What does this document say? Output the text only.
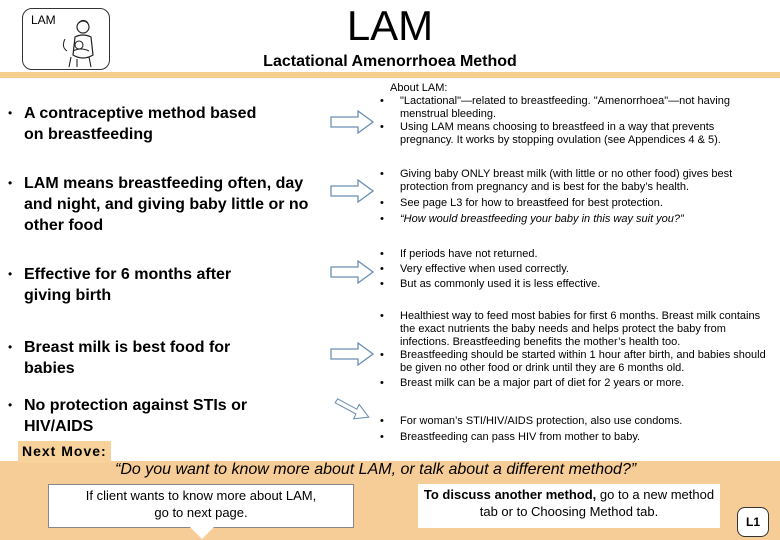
LAM	LAM
Lactational Amenorrhoea Method
• A contraceptive method based on breastfeeding
• LAM means breastfeeding often, day and night, and giving baby little or no other food
• Effective for 6 months after giving birth
• Breast milk is best food for babies
• No protection against STIs or HIV/AIDS
About LAM:
• "Lactational"—related to breastfeeding. "Amenorrhoea"—not having menstrual bleeding.
• Using LAM means choosing to breastfeed in a way that prevents pregnancy. It works by stopping ovulation (see Appendices 4 & 5).
• Giving baby ONLY breast milk (with little or no other food) gives best protection from pregnancy and is best for the baby’s health.
• See page L3 for how to breastfeed for best protection.
• “How would breastfeeding your baby in this way suit you?”
• If periods have not returned.
• Very effective when used correctly.
• But as commonly used it is less effective.
• Healthiest way to feed most babies for first 6 months. Breast milk contains the exact nutrients the baby needs and helps protect the baby from infections. Breastfeeding benefits the mother’s health too.
• Breastfeeding should be started within 1 hour after birth, and babies should be given no other food or drink until they are 6 months old.
• Breast milk can be a major part of diet for 2 years or more.
• For woman’s STI/HIV/AIDS protection, also use condoms.
• Breastfeeding can pass HIV from mother to baby.
Next Move:
“Do you want to know more about LAM, or talk about a different method?”
If client wants to know more about LAM,
go to next page.
To discuss another method, go to a new method tab or to Choosing Method tab.
L1
